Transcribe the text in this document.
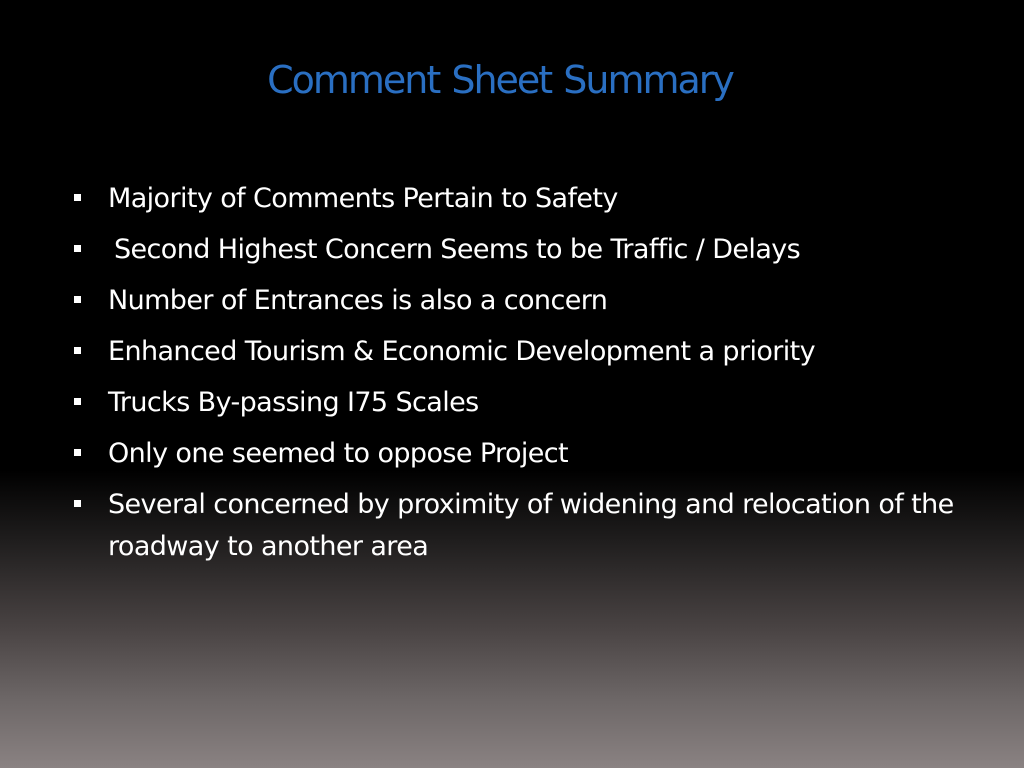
Comment Sheet Summary
Majority of Comments Pertain to Safety
Second Highest Concern Seems to be Traffic / Delays
Number of Entrances is also a concern
Enhanced Tourism & Economic Development a priority
Trucks By-passing I75 Scales
Only one seemed to oppose Project
Several concerned by proximity of widening and relocation of the roadway to another area
